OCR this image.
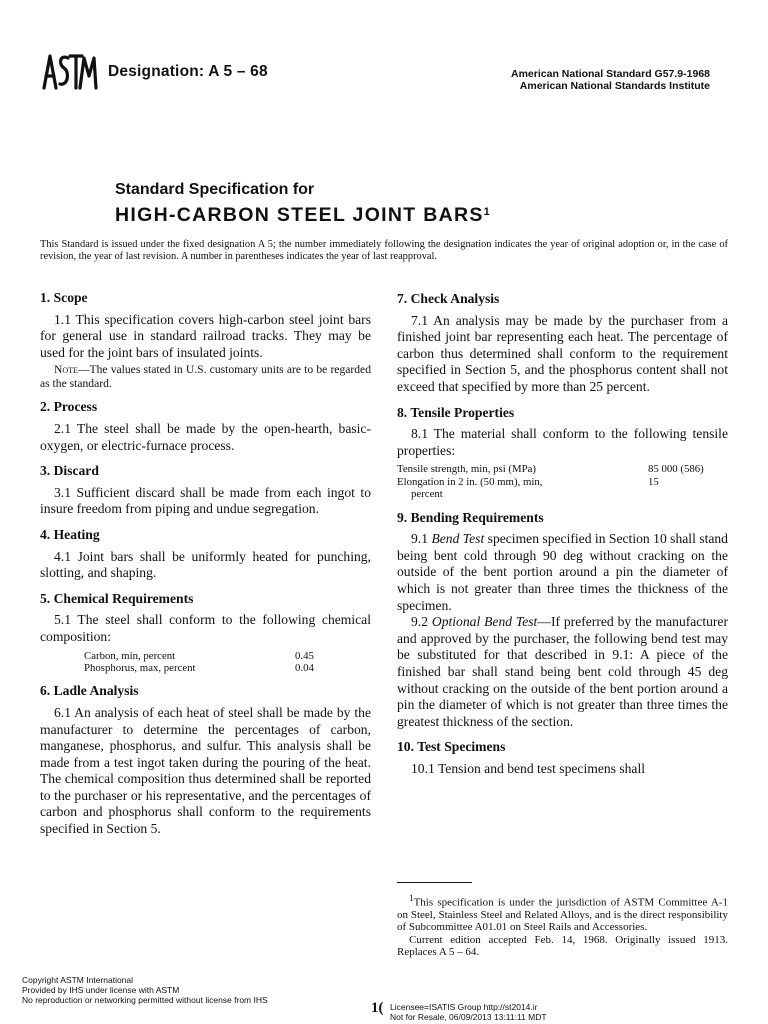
Designation: A 5 – 68	American National Standard G57.9-1968
American National Standards Institute
Standard Specification for
HIGH-CARBON STEEL JOINT BARS$^1$
This Standard is issued under the fixed designation A 5; the number immediately following the designation indicates the year of original adoption or, in the case of revision, the year of last revision. A number in parentheses indicates the year of last reapproval.
1. Scope

1.1 This specification covers high-carbon steel joint bars for general use in standard railroad tracks. They may be used for the joint bars of insulated joints.

Note—The values stated in U.S. customary units are to be regarded as the standard.

2. Process

2.1 The steel shall be made by the open-hearth, basic-oxygen, or electric-furnace process.

3. Discard

3.1 Sufficient discard shall be made from each ingot to insure freedom from piping and undue segregation.

4. Heating

4.1 Joint bars shall be uniformly heated for punching, slotting, and shaping.

5. Chemical Requirements

5.1 The steel shall conform to the following chemical composition:

Carbon, min, percent	0.45
Phosphorus, max, percent	0.04
6. Ladle Analysis

6.1 An analysis of each heat of steel shall be made by the manufacturer to determine the percentages of carbon, manganese, phosphorus, and sulfur. This analysis shall be made from a test ingot taken during the pouring of the heat. The chemical composition thus determined shall be reported to the purchaser or his representative, and the percentages of carbon and phosphorus shall conform to the requirements specified in Section 5.

7. Check Analysis

7.1 An analysis may be made by the purchaser from a finished joint bar representing each heat. The percentage of carbon thus determined shall conform to the requirement specified in Section 5, and the phosphorus content shall not exceed that specified by more than 25 percent.

8. Tensile Properties

8.1 The material shall conform to the following tensile properties:

Tensile strength, min, psi (MPa)	85 000 (586)
Elongation in 2 in. (50 mm), min,
percent	15
9. Bending Requirements

9.1 Bend Test specimen specified in Section 10 shall stand being bent cold through 90 deg without cracking on the outside of the bent portion around a pin the diameter of which is not greater than three times the thickness of the specimen.

9.2 Optional Bend Test—If preferred by the manufacturer and approved by the purchaser, the following bend test may be substituted for that described in 9.1: A piece of the finished bar shall stand being bent cold through 45 deg without cracking on the outside of the bent portion around a pin the diameter of which is not greater than three times the greatest thickness of the section.

10. Test Specimens

10.1 Tension and bend test specimens shall

$^1$This specification is under the jurisdiction of ASTM Committee A-1 on Steel, Stainless Steel and Related Alloys, and is the direct responsibility of Subcommittee A01.01 on Steel Rails and Accessories.

Current edition accepted Feb. 14, 1968. Originally issued 1913. Replaces A 5 – 64.

Copyright ASTM International
Provided by IHS under license with ASTM
No reproduction or networking permitted without license from IHS	1( Licensee=ISATIS Group http://st2014.ir
Not for Resale, 06/09/2013 13:11:11 MDT
